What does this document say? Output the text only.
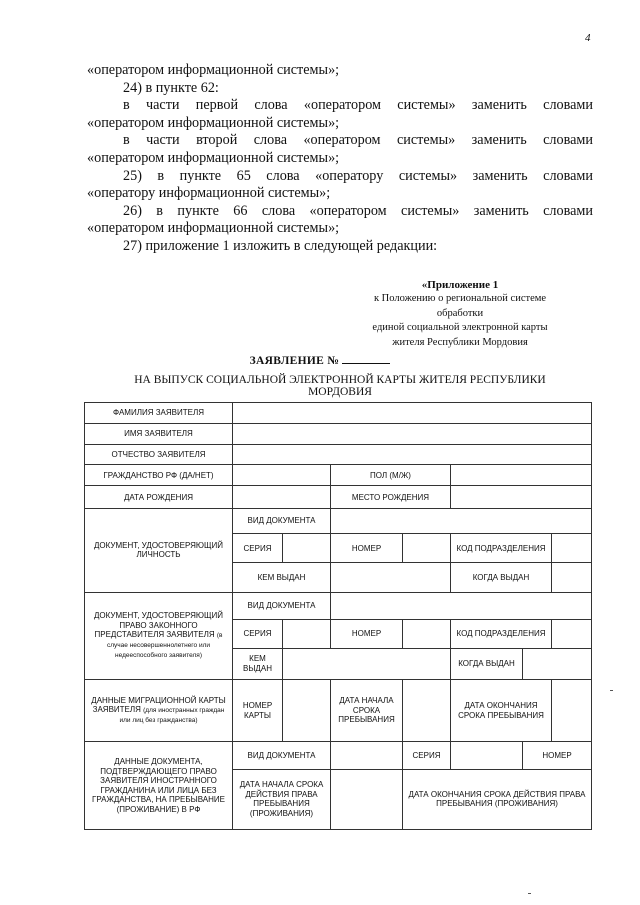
4

«оператором информационной системы»;

24) в пункте 62:

в части первой слова «оператором системы» заменить словами

«оператором информационной системы»;

в части второй слова «оператором системы» заменить словами

«оператором информационной системы»;

25) в пункте 65 слова «оператору системы» заменить словами

«оператору информационной системы»;

26) в пункте 66 слова «оператором системы» заменить словами

«оператором информационной системы»;

27) приложение 1 изложить в следующей редакции:

«Приложение 1
к Положению о региональной системе
обработки
единой социальной электронной карты
жителя Республики Мордовия
ЗАЯВЛЕНИЕ №
НА ВЫПУСК СОЦИАЛЬНОЙ ЭЛЕКТРОННОЙ КАРТЫ ЖИТЕЛЯ РЕСПУБЛИКИ
МОРДОВИЯ
ФАМИЛИЯ ЗАЯВИТЕЛЯ							
ИМЯ ЗАЯВИТЕЛЯ							
ОТЧЕСТВО ЗАЯВИТЕЛЯ							
ГРАЖДАНСТВО РФ (ДА/НЕТ)			ПОЛ (М/Ж)				
ДАТА РОЖДЕНИЯ			МЕСТО РОЖДЕНИЯ				
ДОКУМЕНТ, УДОСТОВЕРЯЮЩИЙ ЛИЧНОСТЬ	ВИД ДОКУМЕНТА						
	СЕРИЯ		НОМЕР		КОД ПОДРАЗДЕЛЕНИЯ		
	КЕМ ВЫДАН				КОГДА ВЫДАН		
ДОКУМЕНТ, УДОСТОВЕРЯЮЩИЙ ПРАВО ЗАКОННОГО ПРЕДСТАВИТЕЛЯ ЗАЯВИТЕЛЯ (в случае несовершеннолетнего или недееспособного заявителя)	ВИД ДОКУМЕНТА						
	СЕРИЯ		НОМЕР		КОД ПОДРАЗДЕЛЕНИЯ		
	КЕМ ВЫДАН				КОГДА ВЫДАН		
ДАННЫЕ МИГРАЦИОННОЙ КАРТЫ ЗАЯВИТЕЛЯ (для иностранных граждан или лиц без гражданства)	НОМЕР КАРТЫ		ДАТА НАЧАЛА СРОКА ПРЕБЫВАНИЯ		ДАТА ОКОНЧАНИЯ СРОКА ПРЕБЫВАНИЯ		
ДАННЫЕ ДОКУМЕНТА, ПОДТВЕРЖДАЮЩЕГО ПРАВО ЗАЯВИТЕЛЯ ИНОСТРАННОГО ГРАЖДАНИНА ИЛИ ЛИЦА БЕЗ ГРАЖДАНСТВА, НА ПРЕБЫВАНИЕ (ПРОЖИВАНИЕ) В РФ	ВИД ДОКУМЕНТА			СЕРИЯ		НОМЕР	
	ДАТА НАЧАЛА СРОКА ДЕЙСТВИЯ ПРАВА ПРЕБЫВАНИЯ (ПРОЖИВАНИЯ)			ДАТА ОКОНЧАНИЯ СРОКА ДЕЙСТВИЯ ПРАВА ПРЕБЫВАНИЯ (ПРОЖИВАНИЯ)			
